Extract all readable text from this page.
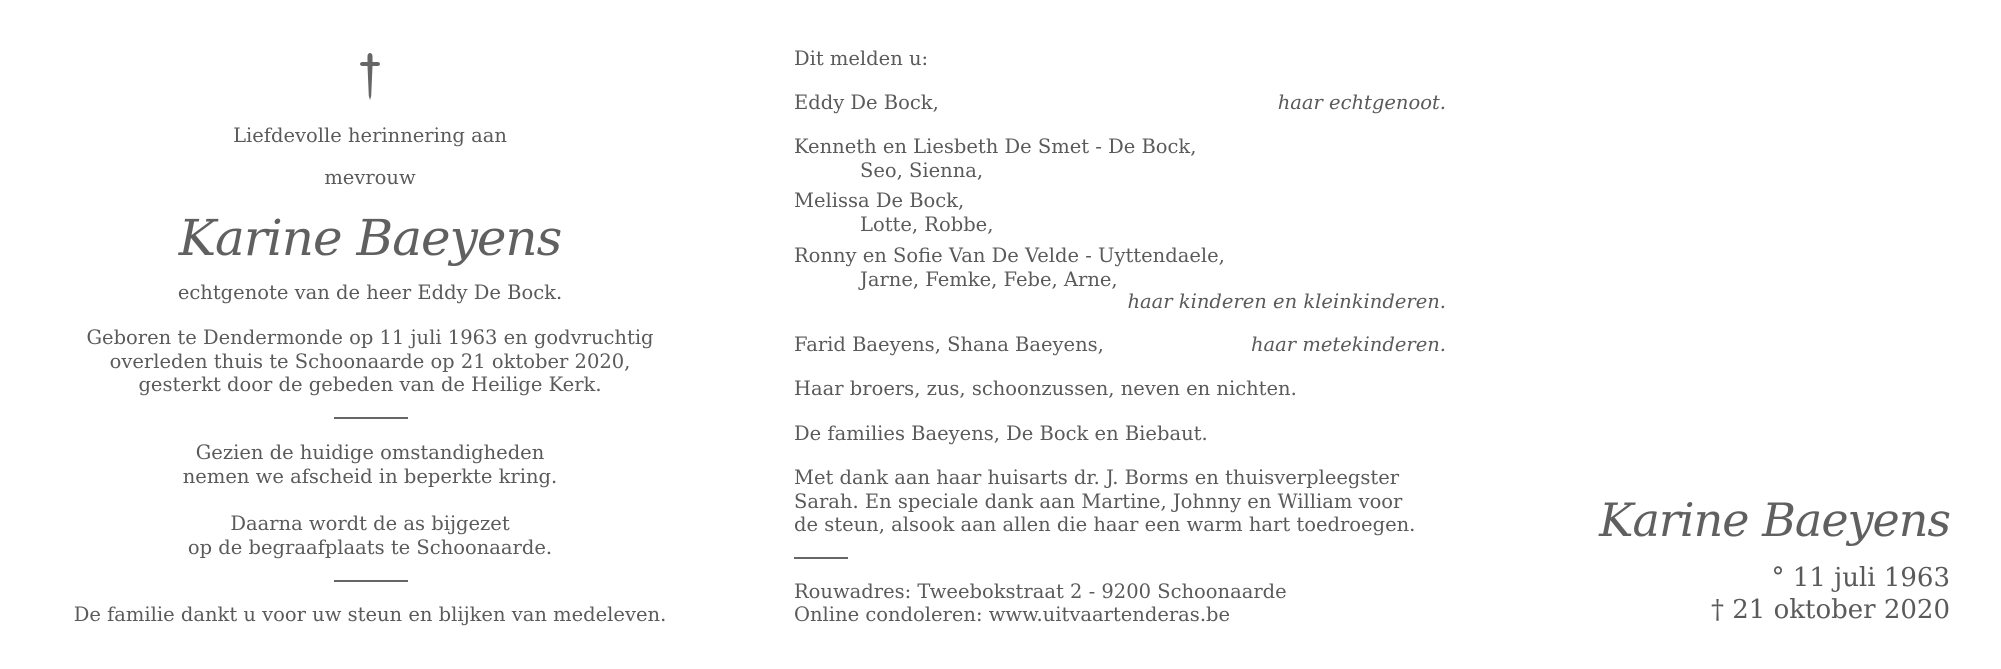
Liefdevolle herinnering aan
mevrouw
Karine Baeyens
echtgenote van de heer Eddy De Bock.
Geboren te Dendermonde op 11 juli 1963 en godvruchtig
overleden thuis te Schoonaarde op 21 oktober 2020,
gesterkt door de gebeden van de Heilige Kerk.
Gezien de huidige omstandigheden
nemen we afscheid in beperkte kring.
Daarna wordt de as bijgezet
op de begraafplaats te Schoonaarde.
De familie dankt u voor uw steun en blijken van medeleven.
Dit melden u:
Eddy De Bock,	haar echtgenoot.
Kenneth en Liesbeth De Smet - De Bock,
Seo, Sienna,
Melissa De Bock,
Lotte, Robbe,
Ronny en Sofie Van De Velde - Uyttendaele,
Jarne, Femke, Febe, Arne,
haar kinderen en kleinkinderen.
Farid Baeyens, Shana Baeyens,	haar metekinderen.
Haar broers, zus, schoonzussen, neven en nichten.
De families Baeyens, De Bock en Biebaut.
Met dank aan haar huisarts dr. J. Borms en thuisverpleegster
Sarah. En speciale dank aan Martine, Johnny en William voor
de steun, alsook aan allen die haar een warm hart toedroegen.
Rouwadres: Tweebokstraat 2 - 9200 Schoonaarde
Online condoleren: www.uitvaartenderas.be
Karine Baeyens
° 11 juli 1963
† 21 oktober 2020
